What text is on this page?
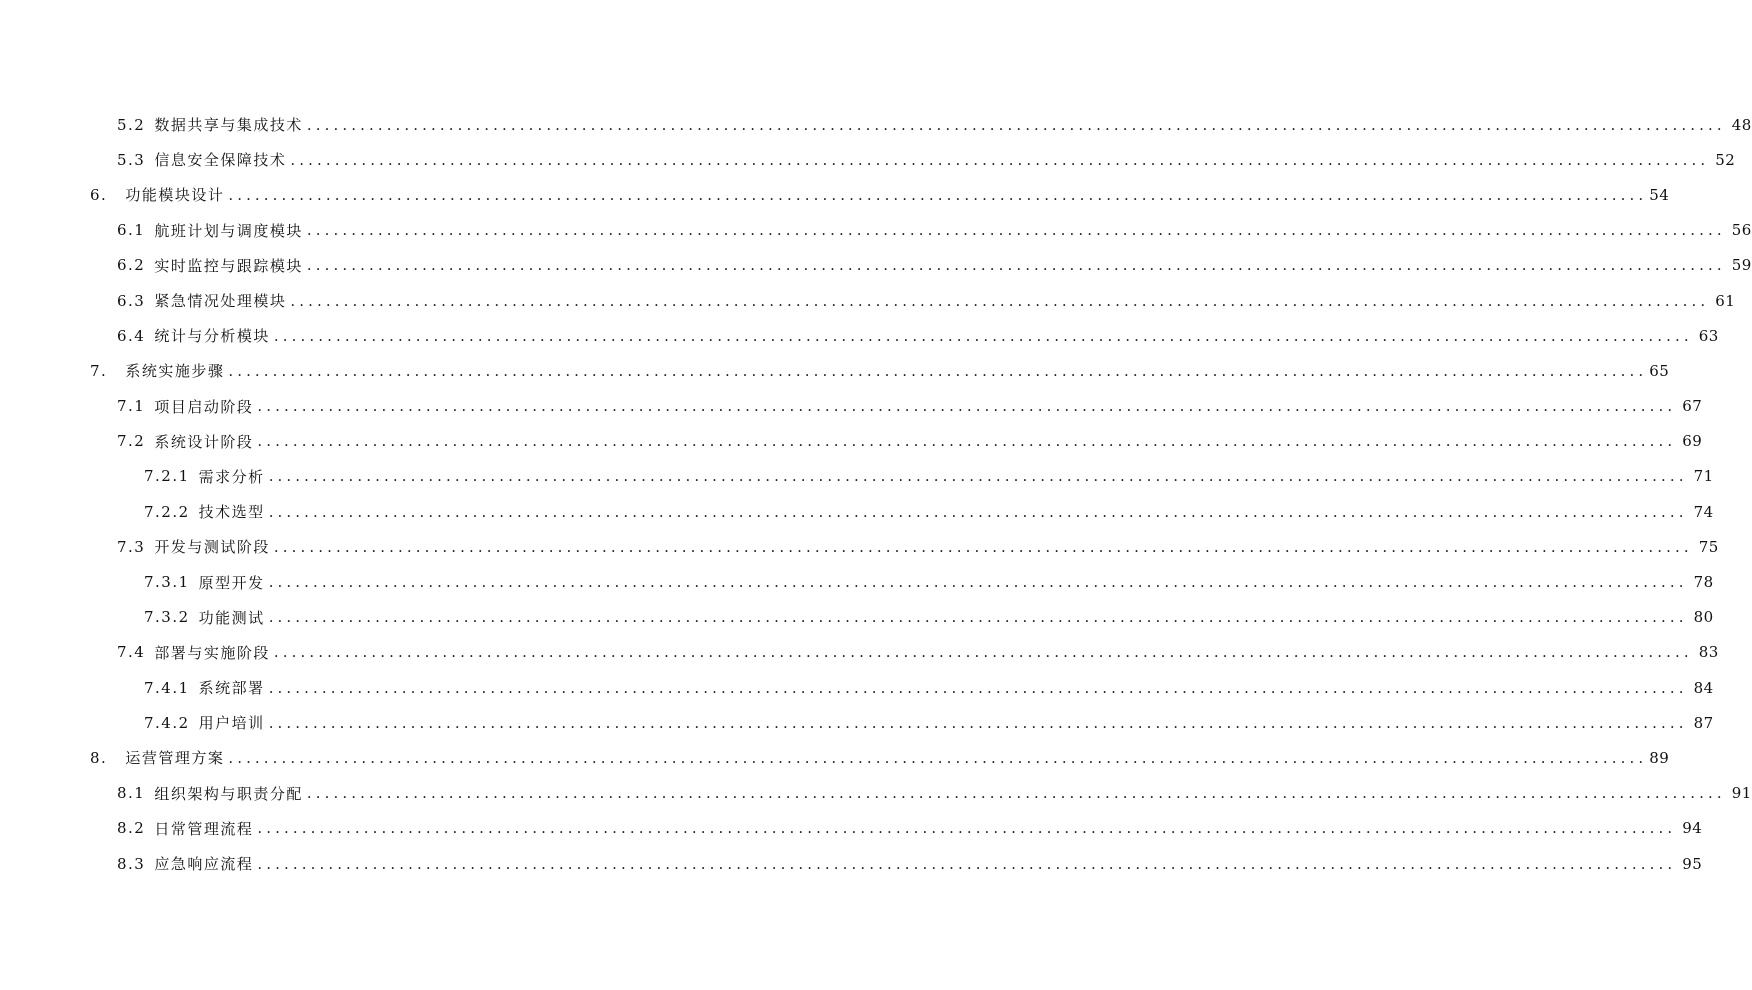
5.2 数据共享与集成技术 ................................................................................................................................................................ 48
5.3 信息安全保障技术 ................................................................................................................................................................ 52
6. 功能模块设计 ................................................................................................................................................................ 54
6.1 航班计划与调度模块 ................................................................................................................................................................ 56
6.2 实时监控与跟踪模块 ................................................................................................................................................................ 59
6.3 紧急情况处理模块 ................................................................................................................................................................ 61
6.4 统计与分析模块 ................................................................................................................................................................ 63
7. 系统实施步骤 ................................................................................................................................................................ 65
7.1 项目启动阶段 ................................................................................................................................................................ 67
7.2 系统设计阶段 ................................................................................................................................................................ 69
7.2.1 需求分析 ................................................................................................................................................................ 71
7.2.2 技术选型 ................................................................................................................................................................ 74
7.3 开发与测试阶段 ................................................................................................................................................................ 75
7.3.1 原型开发 ................................................................................................................................................................ 78
7.3.2 功能测试 ................................................................................................................................................................ 80
7.4 部署与实施阶段 ................................................................................................................................................................ 83
7.4.1 系统部署 ................................................................................................................................................................ 84
7.4.2 用户培训 ................................................................................................................................................................ 87
8. 运营管理方案 ................................................................................................................................................................ 89
8.1 组织架构与职责分配 ................................................................................................................................................................ 91
8.2 日常管理流程 ................................................................................................................................................................ 94
8.3 应急响应流程 ................................................................................................................................................................ 95
